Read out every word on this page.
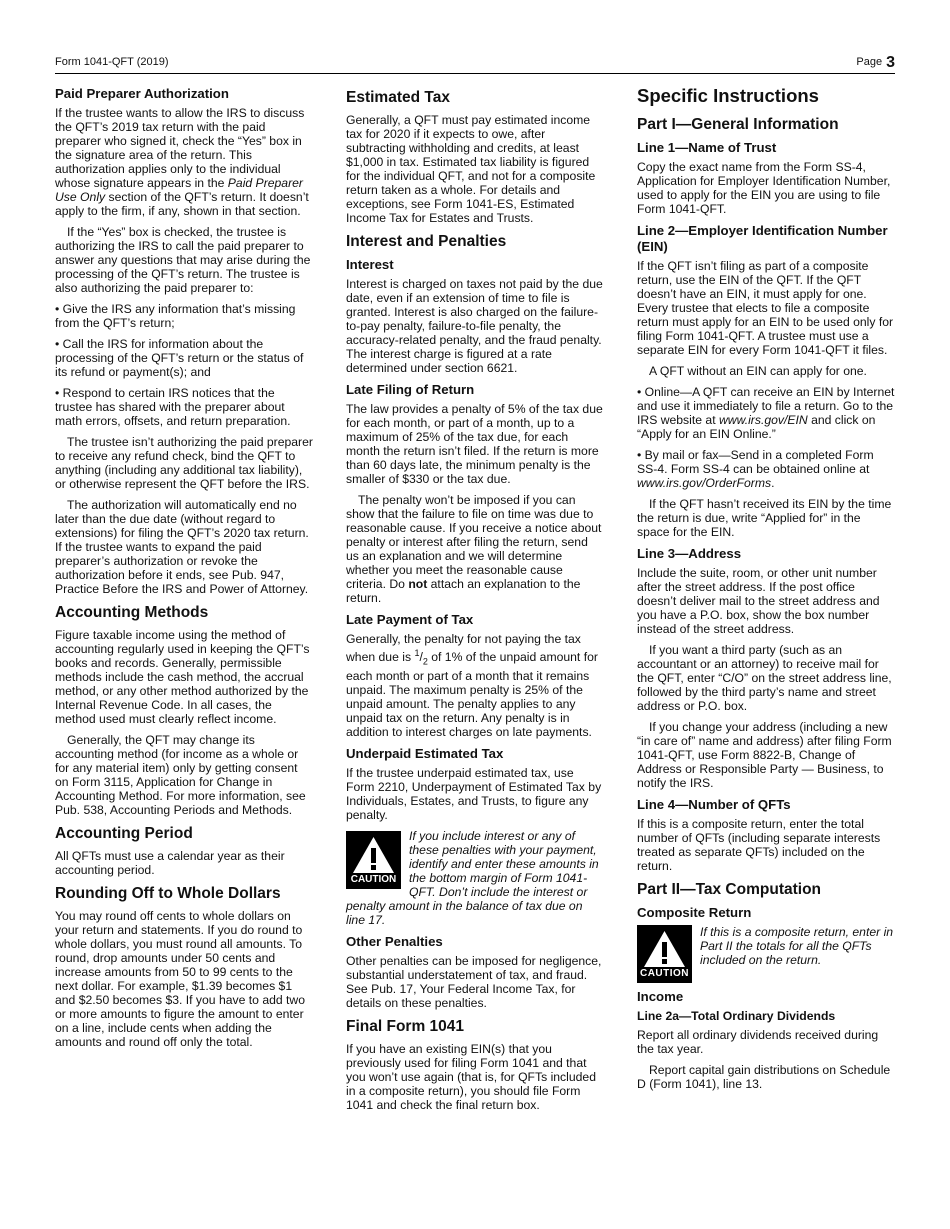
Form 1041-QFT (2019)	Page 3
Paid Preparer Authorization

If the trustee wants to allow the IRS to discuss the QFT’s 2019 tax return with the paid preparer who signed it, check the “Yes” box in the signature area of the return. This authorization applies only to the individual whose signature appears in the Paid Preparer Use Only section of the QFT’s return. It doesn’t apply to the firm, if any, shown in that section.

If the “Yes” box is checked, the trustee is authorizing the IRS to call the paid preparer to answer any questions that may arise during the processing of the QFT’s return. The trustee is also authorizing the paid preparer to:

• Give the IRS any information that’s missing from the QFT’s return;

• Call the IRS for information about the processing of the QFT’s return or the status of its refund or payment(s); and

• Respond to certain IRS notices that the trustee has shared with the preparer about math errors, offsets, and return preparation.

The trustee isn’t authorizing the paid preparer to receive any refund check, bind the QFT to anything (including any additional tax liability), or otherwise represent the QFT before the IRS.

The authorization will automatically end no later than the due date (without regard to extensions) for filing the QFT’s 2020 tax return. If the trustee wants to expand the paid preparer’s authorization or revoke the authorization before it ends, see Pub. 947, Practice Before the IRS and Power of Attorney.

Accounting Methods

Figure taxable income using the method of accounting regularly used in keeping the QFT’s books and records. Generally, permissible methods include the cash method, the accrual method, or any other method authorized by the Internal Revenue Code. In all cases, the method used must clearly reflect income.

Generally, the QFT may change its accounting method (for income as a whole or for any material item) only by getting consent on Form 3115, Application for Change in Accounting Method. For more information, see Pub. 538, Accounting Periods and Methods.

Accounting Period

All QFTs must use a calendar year as their accounting period.

Rounding Off to Whole Dollars

You may round off cents to whole dollars on your return and statements. If you do round to whole dollars, you must round all amounts. To round, drop amounts under 50 cents and increase amounts from 50 to 99 cents to the next dollar. For example, $1.39 becomes $1 and $2.50 becomes $3. If you have to add two or more amounts to figure the amount to enter on a line, include cents when adding the amounts and round off only the total.

Estimated Tax

Generally, a QFT must pay estimated income tax for 2020 if it expects to owe, after subtracting withholding and credits, at least $1,000 in tax. Estimated tax liability is figured for the individual QFT, and not for a composite return taken as a whole. For details and exceptions, see Form 1041-ES, Estimated Income Tax for Estates and Trusts.

Interest and Penalties
Interest

Interest is charged on taxes not paid by the due date, even if an extension of time to file is granted. Interest is also charged on the failure-to-pay penalty, failure-to-file penalty, the accuracy-related penalty, and the fraud penalty. The interest charge is figured at a rate determined under section 6621.

Late Filing of Return

The law provides a penalty of 5% of the tax due for each month, or part of a month, up to a maximum of 25% of the tax due, for each month the return isn’t filed. If the return is more than 60 days late, the minimum penalty is the smaller of $330 or the tax due.

The penalty won’t be imposed if you can show that the failure to file on time was due to reasonable cause. If you receive a notice about penalty or interest after filing the return, send us an explanation and we will determine whether you meet the reasonable cause criteria. Do not attach an explanation to the return.

Late Payment of Tax

Generally, the penalty for not paying the tax when due is $^1/_2$ of 1% of the unpaid amount for each month or part of a month that it remains unpaid. The maximum penalty is 25% of the unpaid amount. The penalty applies to any unpaid tax on the return. Any penalty is in addition to interest charges on late payments.

Underpaid Estimated Tax

If the trustee underpaid estimated tax, use Form 2210, Underpayment of Estimated Tax by Individuals, Estates, and Trusts, to figure any penalty.

CAUTION

If you include interest or any of these penalties with your payment, identify and enter these amounts in the bottom margin of Form 1041-QFT. Don’t include the interest or penalty amount in the balance of tax due on line 17.

Other Penalties

Other penalties can be imposed for negligence, substantial understatement of tax, and fraud. See Pub. 17, Your Federal Income Tax, for details on these penalties.

Final Form 1041

If you have an existing EIN(s) that you previously used for filing Form 1041 and that you won’t use again (that is, for QFTs included in a composite return), you should file Form 1041 and check the final return box.

Specific Instructions
Part I—General Information
Line 1—Name of Trust

Copy the exact name from the Form SS-4, Application for Employer Identification Number, used to apply for the EIN you are using to file Form 1041-QFT.

Line 2—Employer Identification Number (EIN)

If the QFT isn’t filing as part of a composite return, use the EIN of the QFT. If the QFT doesn’t have an EIN, it must apply for one. Every trustee that elects to file a composite return must apply for an EIN to be used only for filing Form 1041-QFT. A trustee must use a separate EIN for every Form 1041-QFT it files.

A QFT without an EIN can apply for one.

• Online—A QFT can receive an EIN by Internet and use it immediately to file a return. Go to the IRS website at www.irs.gov/EIN and click on “Apply for an EIN Online.”

• By mail or fax—Send in a completed Form SS-4. Form SS-4 can be obtained online at www.irs.gov/OrderForms.

If the QFT hasn’t received its EIN by the time the return is due, write “Applied for” in the space for the EIN.

Line 3—Address

Include the suite, room, or other unit number after the street address. If the post office doesn’t deliver mail to the street address and you have a P.O. box, show the box number instead of the street address.

If you want a third party (such as an accountant or an attorney) to receive mail for the QFT, enter “C/O” on the street address line, followed by the third party’s name and street address or P.O. box.

If you change your address (including a new “in care of” name and address) after filing Form 1041-QFT, use Form 8822-B, Change of Address or Responsible Party — Business, to notify the IRS.

Line 4—Number of QFTs

If this is a composite return, enter the total number of QFTs (including separate interests treated as separate QFTs) included on the return.

Part II—Tax Computation
Composite Return
CAUTION
If this is a composite return, enter in Part II the totals for all the QFTs included on the return.
Income
Line 2a—Total Ordinary Dividends

Report all ordinary dividends received during the tax year.

Report capital gain distributions on Schedule D (Form 1041), line 13.
